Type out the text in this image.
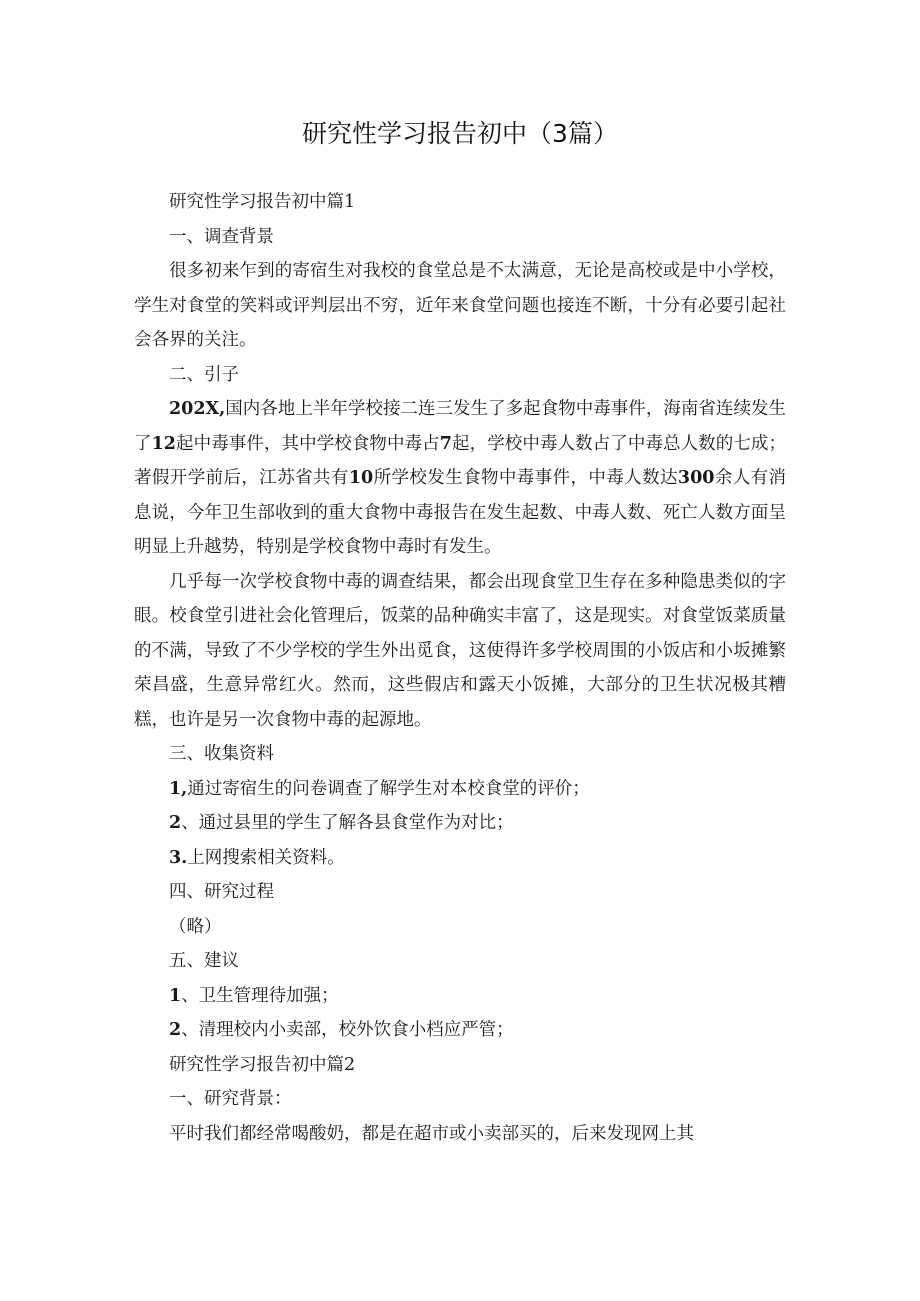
研究性学习报告初中（3篇）

研究性学习报告初中篇1

一、调查背景

很多初来乍到的寄宿生对我校的食堂总是不太满意，无论是高校或是中小学校，学生对食堂的笑料或评判层出不穷，近年来食堂问题也接连不断，十分有必要引起社会各界的关注。

二、引子

202X,国内各地上半年学校接二连三发生了多起食物中毒事件，海南省连续发生了12起中毒事件，其中学校食物中毒占7起，学校中毒人数占了中毒总人数的七成；著假开学前后，江苏省共有10所学校发生食物中毒事件，中毒人数达300余人有消息说，今年卫生部收到的重大食物中毒报告在发生起数、中毒人数、死亡人数方面呈明显上升越势，特别是学校食物中毒时有发生。

几乎每一次学校食物中毒的调查结果，都会出现食堂卫生存在多种隐患类似的字眼。校食堂引进社会化管理后，饭菜的品种确实丰富了，这是现实。对食堂饭菜质量的不满，导致了不少学校的学生外出觅食，这使得许多学校周围的小饭店和小坂摊繁荣昌盛，生意异常红火。然而，这些假店和露天小饭摊，大部分的卫生状况极其糟糕，也许是另一次食物中毒的起源地。

三、收集资料

1,通过寄宿生的问卷调查了解学生对本校食堂的评价；

2、通过县里的学生了解各县食堂作为对比；

3.上网搜索相关资料。

四、研究过程

（略）

五、建议

1、卫生管理待加强；

2、清理校内小卖部，校外饮食小档应严管；

研究性学习报告初中篇2

一、研究背景：

平时我们都经常喝酸奶，都是在超市或小卖部买的，后来发现网上其
